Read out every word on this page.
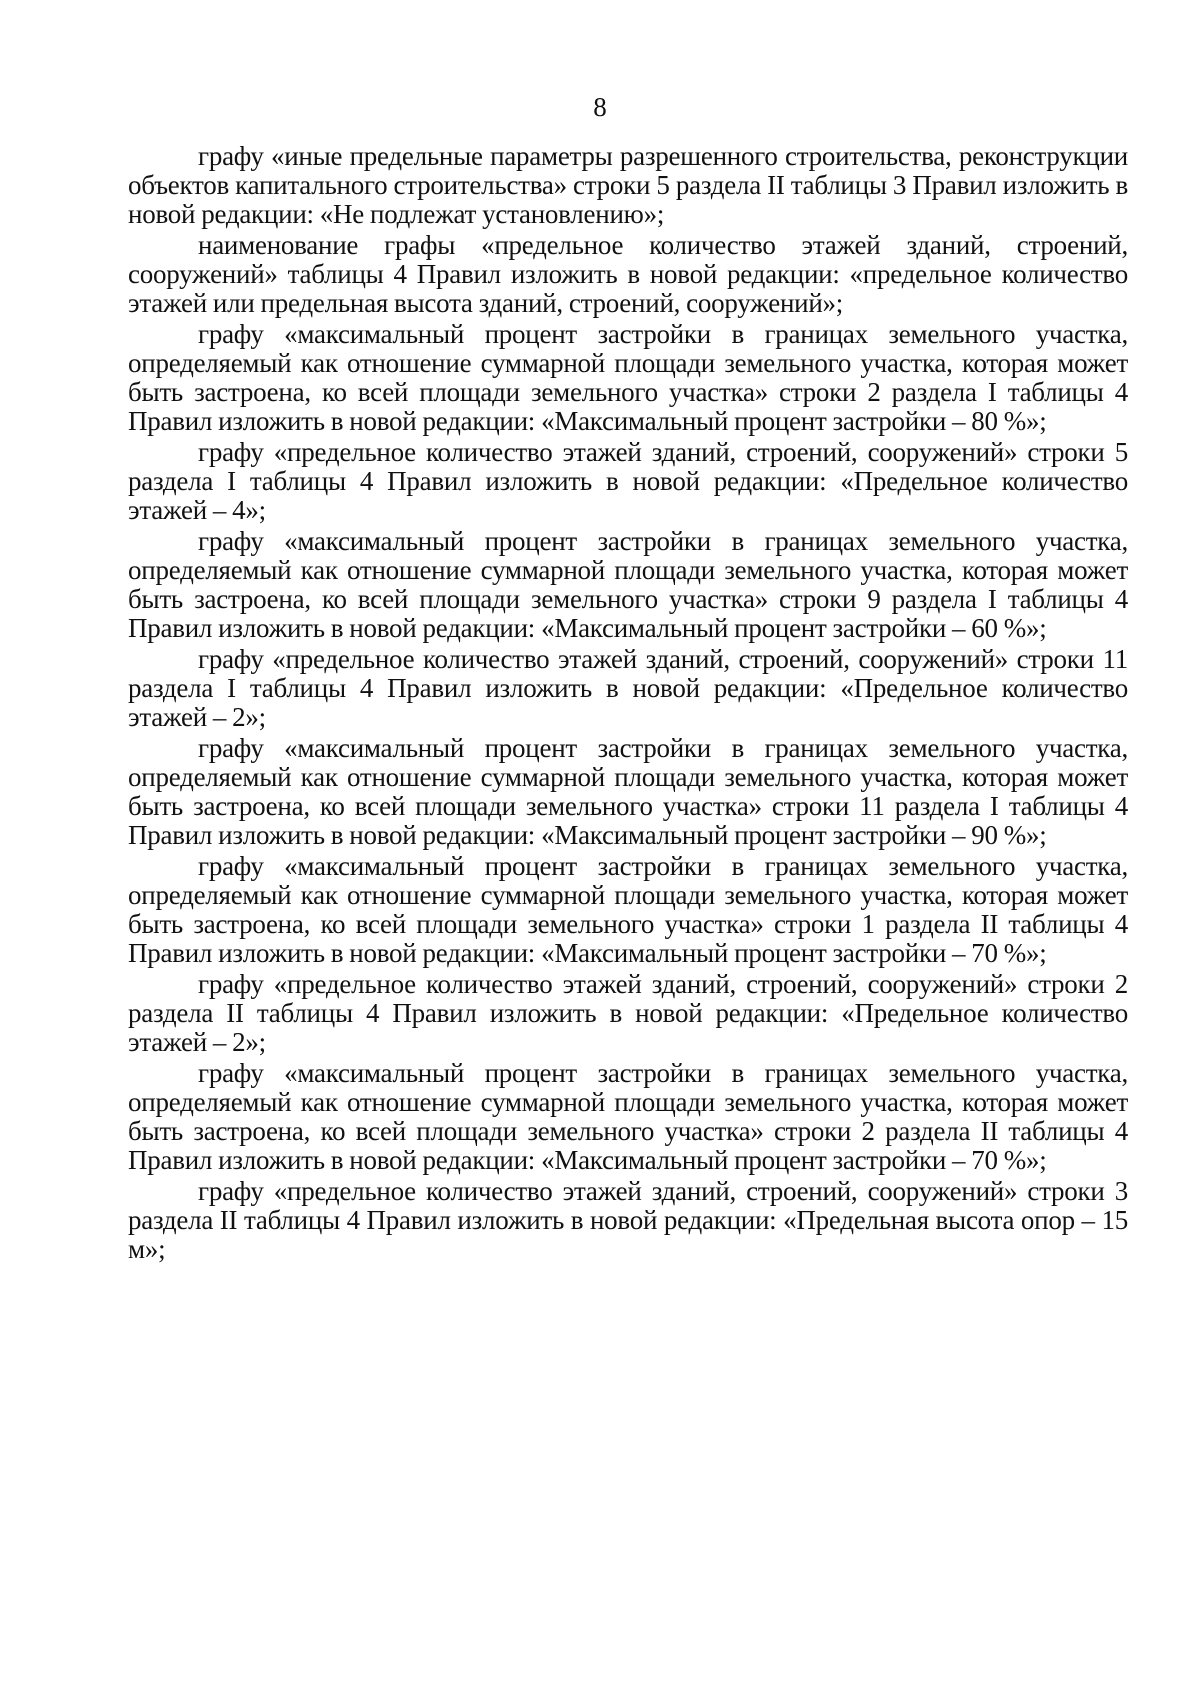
8

графу «иные предельные параметры разрешенного строительства, реконструкции объектов капитального строительства» строки 5 раздела II таблицы 3 Правил изложить в новой редакции: «Не подлежат установлению»;

наименование графы «предельное количество этажей зданий, строений, сооружений» таблицы 4 Правил изложить в новой редакции: «предельное количество этажей или предельная высота зданий, строений, сооружений»;

графу «максимальный процент застройки в границах земельного участка, определяемый как отношение суммарной площади земельного участка, которая может быть застроена, ко всей площади земельного участка» строки 2 раздела I таблицы 4 Правил изложить в новой редакции: «Максимальный процент застройки – 80 %»;

графу «предельное количество этажей зданий, строений, сооружений» строки 5 раздела I таблицы 4 Правил изложить в новой редакции: «Предельное количество этажей – 4»;

графу «максимальный процент застройки в границах земельного участка, определяемый как отношение суммарной площади земельного участка, которая может быть застроена, ко всей площади земельного участка» строки 9 раздела I таблицы 4 Правил изложить в новой редакции: «Максимальный процент застройки – 60 %»;

графу «предельное количество этажей зданий, строений, сооружений» строки 11 раздела I таблицы 4 Правил изложить в новой редакции: «Предельное количество этажей – 2»;

графу «максимальный процент застройки в границах земельного участка, определяемый как отношение суммарной площади земельного участка, которая может быть застроена, ко всей площади земельного участка» строки 11 раздела I таблицы 4 Правил изложить в новой редакции: «Максимальный процент застройки – 90 %»;

графу «максимальный процент застройки в границах земельного участка, определяемый как отношение суммарной площади земельного участка, которая может быть застроена, ко всей площади земельного участка» строки 1 раздела II таблицы 4 Правил изложить в новой редакции: «Максимальный процент застройки – 70 %»;

графу «предельное количество этажей зданий, строений, сооружений» строки 2 раздела II таблицы 4 Правил изложить в новой редакции: «Предельное количество этажей – 2»;

графу «максимальный процент застройки в границах земельного участка, определяемый как отношение суммарной площади земельного участка, которая может быть застроена, ко всей площади земельного участка» строки 2 раздела II таблицы 4 Правил изложить в новой редакции: «Максимальный процент застройки – 70 %»;

графу «предельное количество этажей зданий, строений, сооружений» строки 3 раздела II таблицы 4 Правил изложить в новой редакции: «Предельная высота опор – 15 м»;
